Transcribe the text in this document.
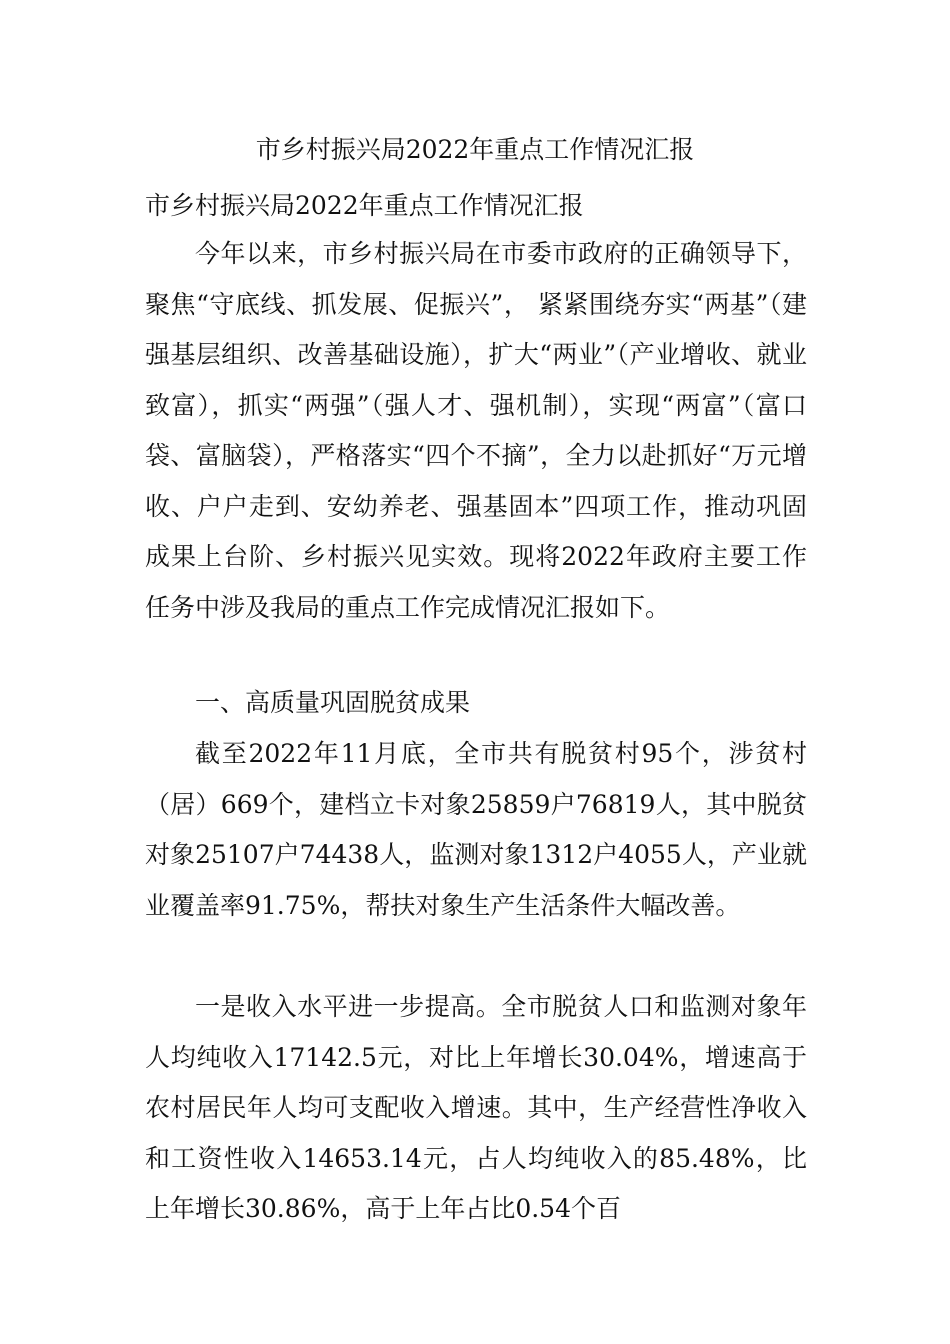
市乡村振兴局2022年重点工作情况汇报

市乡村振兴局2022年重点工作情况汇报

今年以来，市乡村振兴局在市委市政府的正确领导下，聚焦“守底线、抓发展、促振兴”， 紧紧围绕夯实“两基”（建强基层组织、改善基础设施），扩大“两业”（产业增收、就业致富），抓实“两强”（强人才、强机制），实现“两富”（富口袋、富脑袋），严格落实“四个不摘”，全力以赴抓好“万元增收、户户走到、安幼养老、强基固本”四项工作，推动巩固成果上台阶、乡村振兴见实效。现将2022年政府主要工作任务中涉及我局的重点工作完成情况汇报如下。

一、高质量巩固脱贫成果

截至2022年11月底，全市共有脱贫村95个，涉贫村（居）669个，建档立卡对象25859户76819人，其中脱贫对象25107户74438人，监测对象1312户4055人，产业就业覆盖率91.75%，帮扶对象生产生活条件大幅改善。

一是收入水平进一步提高。全市脱贫人口和监测对象年人均纯收入17142.5元，对比上年增长30.04%，增速高于农村居民年人均可支配收入增速。其中，生产经营性净收入和工资性收入14653.14元，占人均纯收入的85.48%，比上年增长30.86%，高于上年占比0.54个百
